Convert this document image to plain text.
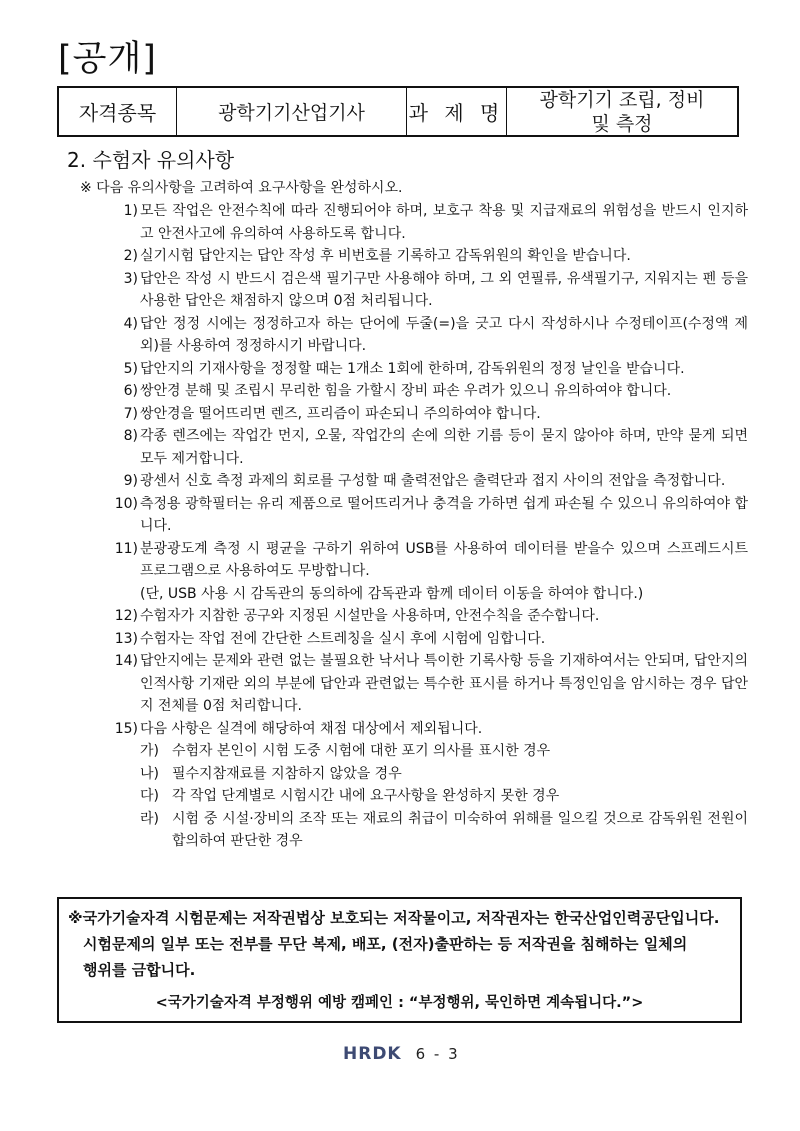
[공개]
자격종목	광학기기산업기사	과 제 명
광학기기 조립, 정비
및 측정
2. 수험자 유의사항
※ 다음 유의사항을 고려하여 요구사항을 완성하시오.
1) 모든 작업은 안전수칙에 따라 진행되어야 하며, 보호구 착용 및 지급재료의 위험성을 반드시 인지하고 안전사고에 유의하여 사용하도록 합니다.
2) 실기시험 답안지는 답안 작성 후 비번호를 기록하고 감독위원의 확인을 받습니다.
3) 답안은 작성 시 반드시 검은색 필기구만 사용해야 하며, 그 외 연필류, 유색필기구, 지워지는 펜 등을 사용한 답안은 채점하지 않으며 0점 처리됩니다.
4) 답안 정정 시에는 정정하고자 하는 단어에 두줄(=)을 긋고 다시 작성하시나 수정테이프(수정액 제외)를 사용하여 정정하시기 바랍니다.
5) 답안지의 기재사항을 정정할 때는 1개소 1회에 한하며, 감독위원의 정정 날인을 받습니다.
6) 쌍안경 분해 및 조립시 무리한 힘을 가할시 장비 파손 우려가 있으니 유의하여야 합니다.
7) 쌍안경을 떨어뜨리면 렌즈, 프리즘이 파손되니 주의하여야 합니다.
8) 각종 렌즈에는 작업간 먼지, 오물, 작업간의 손에 의한 기름 등이 묻지 않아야 하며, 만약 묻게 되면 모두 제거합니다.
9) 광센서 신호 측정 과제의 회로를 구성할 때 출력전압은 출력단과 접지 사이의 전압을 측정합니다.
10) 측정용 광학필터는 유리 제품으로 떨어뜨리거나 충격을 가하면 쉽게 파손될 수 있으니 유의하여야 합니다.
11) 분광광도계 측정 시 평균을 구하기 위하여 USB를 사용하여 데이터를 받을수 있으며 스프레드시트 프로그램으로 사용하여도 무방합니다.
(단, USB 사용 시 감독관의 동의하에 감독관과 함께 데이터 이동을 하여야 합니다.)
12) 수험자가 지참한 공구와 지정된 시설만을 사용하며, 안전수칙을 준수합니다.
13) 수험자는 작업 전에 간단한 스트레칭을 실시 후에 시험에 임합니다.
14) 답안지에는 문제와 관련 없는 불필요한 낙서나 특이한 기록사항 등을 기재하여서는 안되며, 답안지의 인적사항 기재란 외의 부분에 답안과 관련없는 특수한 표시를 하거나 특정인임을 암시하는 경우 답안지 전체를 0점 처리합니다.
15) 다음 사항은 실격에 해당하여 채점 대상에서 제외됩니다.
가) 수험자 본인이 시험 도중 시험에 대한 포기 의사를 표시한 경우
나) 필수지참재료를 지참하지 않았을 경우
다) 각 작업 단계별로 시험시간 내에 요구사항을 완성하지 못한 경우
라) 시험 중 시설·장비의 조작 또는 재료의 취급이 미숙하여 위해를 일으킬 것으로 감독위원 전원이 합의하여 판단한 경우
※국가기술자격 시험문제는 저작권법상 보호되는 저작물이고, 저작권자는 한국산업인력공단입니다.
시험문제의 일부 또는 전부를 무단 복제, 배포, (전자)출판하는 등 저작권을 침해하는 일체의
행위를 금합니다.
<국가기술자격 부정행위 예방 캠페인 : “부정행위, 묵인하면 계속됩니다.”>
HRDK 6 - 3
